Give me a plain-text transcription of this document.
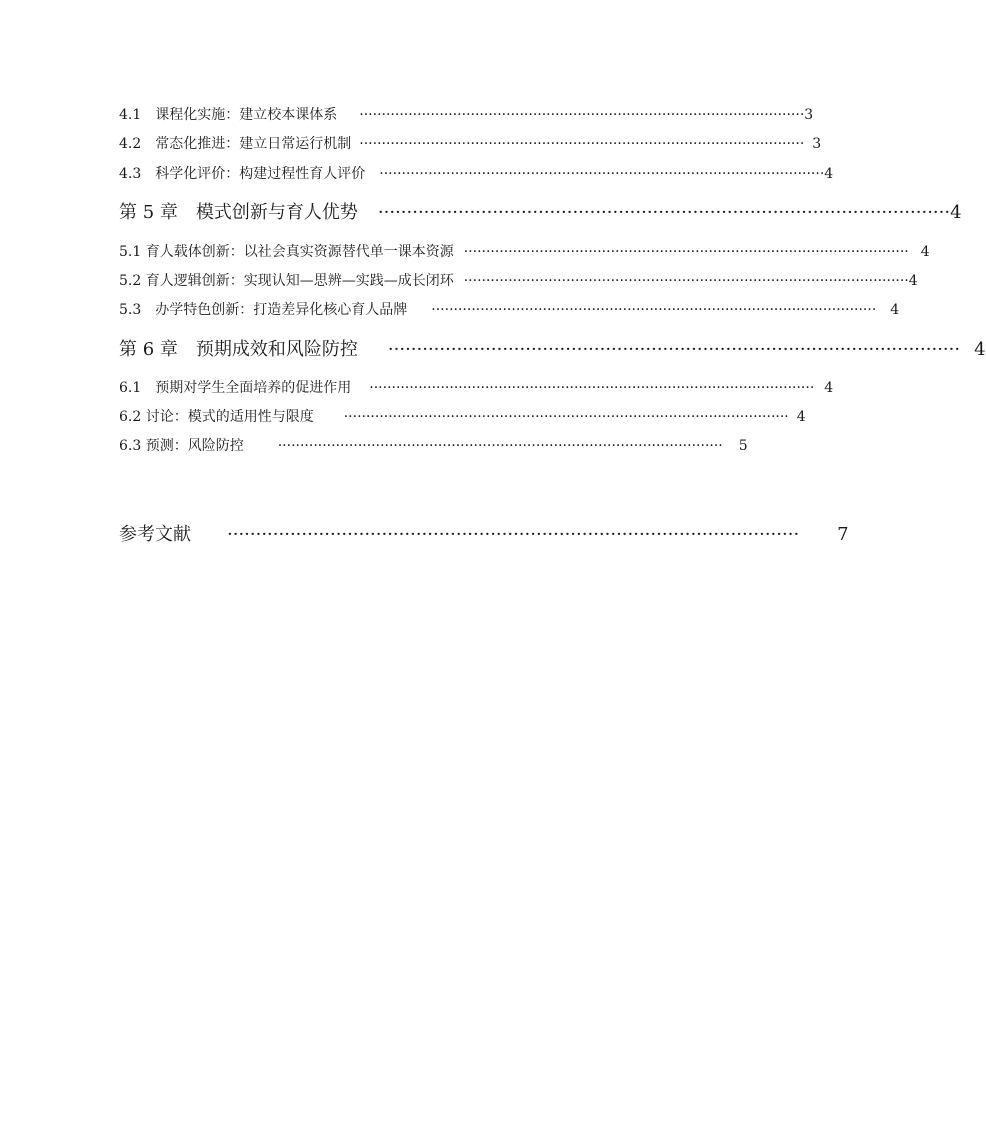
4.1　课程化实施：建立校本课体系 ···································································································· 3
4.2　常态化推进：建立日常运行机制 ···································································································· 3
4.3　科学化评价：构建过程性育人评价 ···································································································· 4
第 5 章　模式创新与育人优势 ···································································································· 4
5.1 育人载体创新：以社会真实资源替代单一课本资源 ···································································································· 4
5.2 育人逻辑创新：实现认知—思辨—实践—成长闭环 ···································································································· 4
5.3　办学特色创新：打造差异化核心育人品牌 ···································································································· 4
第 6 章　预期成效和风险防控 ···································································································· 4
6.1　预期对学生全面培养的促进作用 ···································································································· 4
6.2 讨论：模式的适用性与限度 ···································································································· 4
6.3 预测：风险防控 ···································································································· 5
参考文献 ···································································································· 7
